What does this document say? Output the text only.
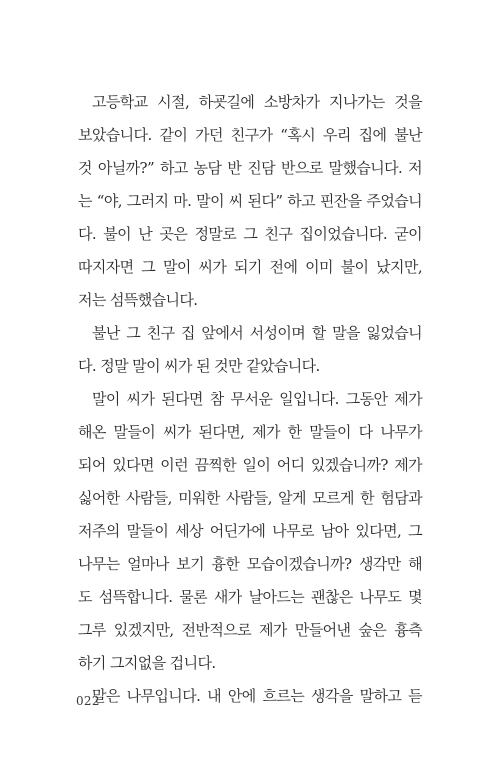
고등학교 시절, 하굣길에 소방차가 지나가는 것을
보았습니다. 같이 가던 친구가 “혹시 우리 집에 불난
것 아닐까?” 하고 농담 반 진담 반으로 말했습니다. 저
는 “야, 그러지 마. 말이 씨 된다” 하고 핀잔을 주었습니
다. 불이 난 곳은 정말로 그 친구 집이었습니다. 굳이
따지자면 그 말이 씨가 되기 전에 이미 불이 났지만,
저는 섬뜩했습니다.
불난 그 친구 집 앞에서 서성이며 할 말을 잃었습니
다. 정말 말이 씨가 된 것만 같았습니다.
말이 씨가 된다면 참 무서운 일입니다. 그동안 제가
해온 말들이 씨가 된다면, 제가 한 말들이 다 나무가
되어 있다면 이런 끔찍한 일이 어디 있겠습니까? 제가
싫어한 사람들, 미워한 사람들, 알게 모르게 한 험담과
저주의 말들이 세상 어딘가에 나무로 남아 있다면, 그
나무는 얼마나 보기 흉한 모습이겠습니까? 생각만 해
도 섬뜩합니다. 물론 새가 날아드는 괜찮은 나무도 몇
그루 있겠지만, 전반적으로 제가 만들어낸 숲은 흉측
하기 그지없을 겁니다.
말은 나무입니다. 내 안에 흐르는 생각을 말하고 듣
022
